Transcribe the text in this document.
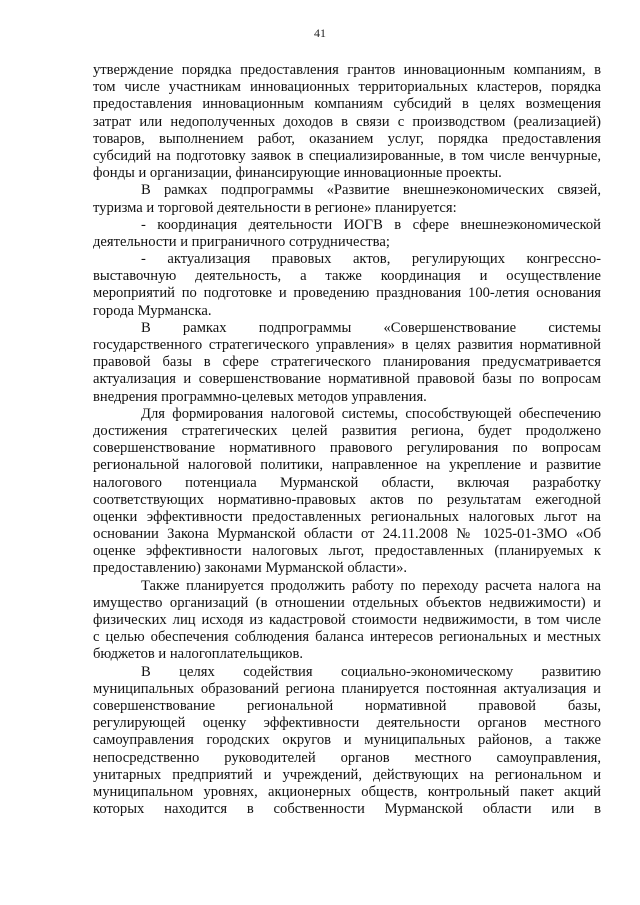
41
утверждение порядка предоставления грантов инновационным компаниям, в
том числе участникам инновационных территориальных кластеров, порядка
предоставления инновационным компаниям субсидий в целях возмещения
затрат или недополученных доходов в связи с производством (реализацией)
товаров, выполнением работ, оказанием услуг, порядка предоставления
субсидий на подготовку заявок в специализированные, в том числе венчурные,
фонды и организации, финансирующие инновационные проекты.
В рамках подпрограммы «Развитие внешнеэкономических связей,
туризма и торговой деятельности в регионе» планируется:
- координация деятельности ИОГВ в сфере внешнеэкономической
деятельности и приграничного сотрудничества;
- актуализация правовых актов, регулирующих конгрессно-
выставочную деятельность, а также координация и осуществление
мероприятий по подготовке и проведению празднования 100-летия основания
города Мурманска.
В рамках подпрограммы «Совершенствование системы
государственного стратегического управления» в целях развития нормативной
правовой базы в сфере стратегического планирования предусматривается
актуализация и совершенствование нормативной правовой базы по вопросам
внедрения программно-целевых методов управления.
Для формирования налоговой системы, способствующей обеспечению
достижения стратегических целей развития региона, будет продолжено
совершенствование нормативного правового регулирования по вопросам
региональной налоговой политики, направленное на укрепление и развитие
налогового потенциала Мурманской области, включая разработку
соответствующих нормативно-правовых актов по результатам ежегодной
оценки эффективности предоставленных региональных налоговых льгот на
основании Закона Мурманской области от 24.11.2008 № 1025-01-ЗМО «Об
оценке эффективности налоговых льгот, предоставленных (планируемых к
предоставлению) законами Мурманской области».
Также планируется продолжить работу по переходу расчета налога на
имущество организаций (в отношении отдельных объектов недвижимости) и
физических лиц исходя из кадастровой стоимости недвижимости, в том числе
с целью обеспечения соблюдения баланса интересов региональных и местных
бюджетов и налогоплательщиков.
В целях содействия социально-экономическому развитию
муниципальных образований региона планируется постоянная актуализация и
совершенствование региональной нормативной правовой базы,
регулирующей оценку эффективности деятельности органов местного
самоуправления городских округов и муниципальных районов, а также
непосредственно руководителей органов местного самоуправления,
унитарных предприятий и учреждений, действующих на региональном и
муниципальном уровнях, акционерных обществ, контрольный пакет акций
которых находится в собственности Мурманской области или в
